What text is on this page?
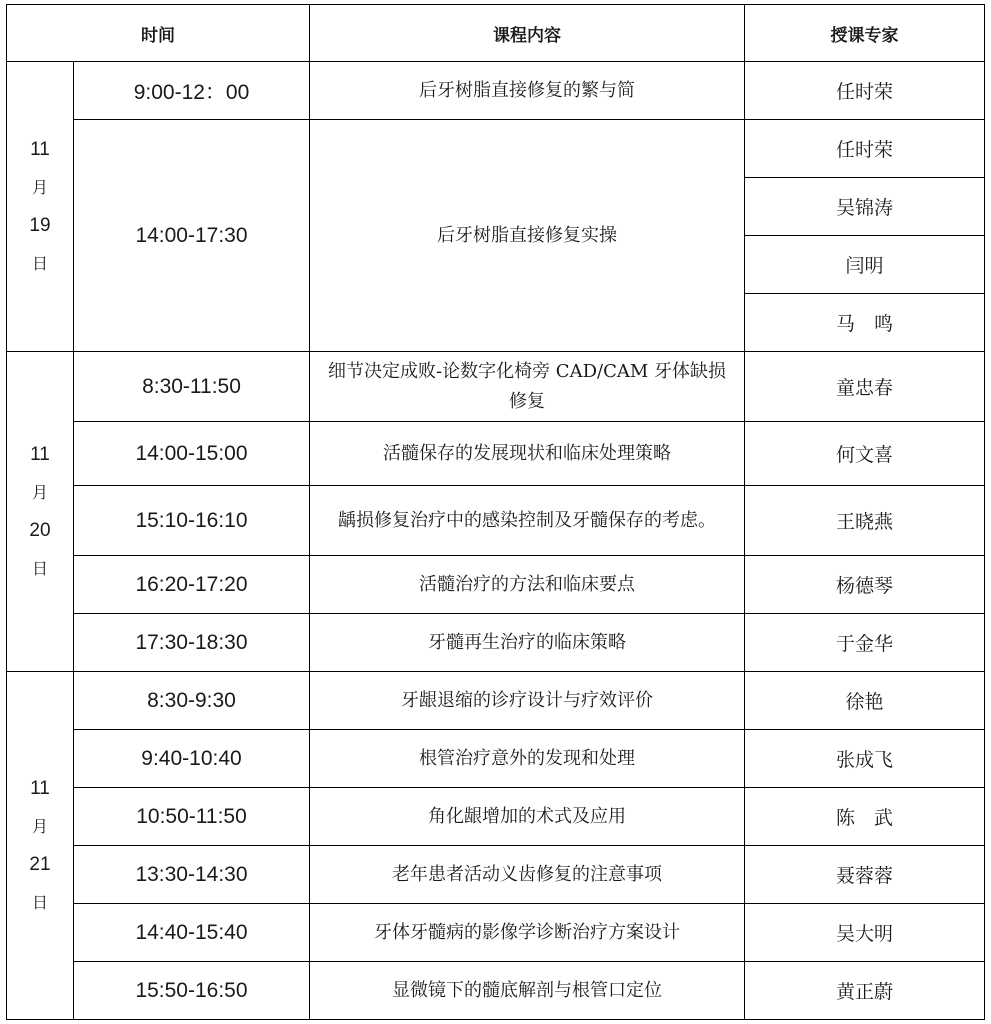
时间		课程内容	授课专家

11
月
19
日	9:00-12：00	后牙树脂直接修复的繁与简	任时荣
	14:00-17:30	后牙树脂直接修复实操	任时荣
			吴锦涛
			闫明
			马　鸣

11
月
20
日	8:30-11:50	细节决定成败-论数字化椅旁 CAD/CAM 牙体缺损修复	童忠春
	14:00-15:00	活髓保存的发展现状和临床处理策略	何文喜
	15:10-16:10	龋损修复治疗中的感染控制及牙髓保存的考虑。	王晓燕
	16:20-17:20	活髓治疗的方法和临床要点	杨德琴
	17:30-18:30	牙髓再生治疗的临床策略	于金华

11
月
21
日	8:30-9:30	牙龈退缩的诊疗设计与疗效评价	徐艳
	9:40-10:40	根管治疗意外的发现和处理	张成飞
	10:50-11:50	角化龈增加的术式及应用	陈　武
	13:30-14:30	老年患者活动义齿修复的注意事项	聂蓉蓉
	14:40-15:40	牙体牙髓病的影像学诊断治疗方案设计	吴大明
	15:50-16:50	显微镜下的髓底解剖与根管口定位	黄正蔚
